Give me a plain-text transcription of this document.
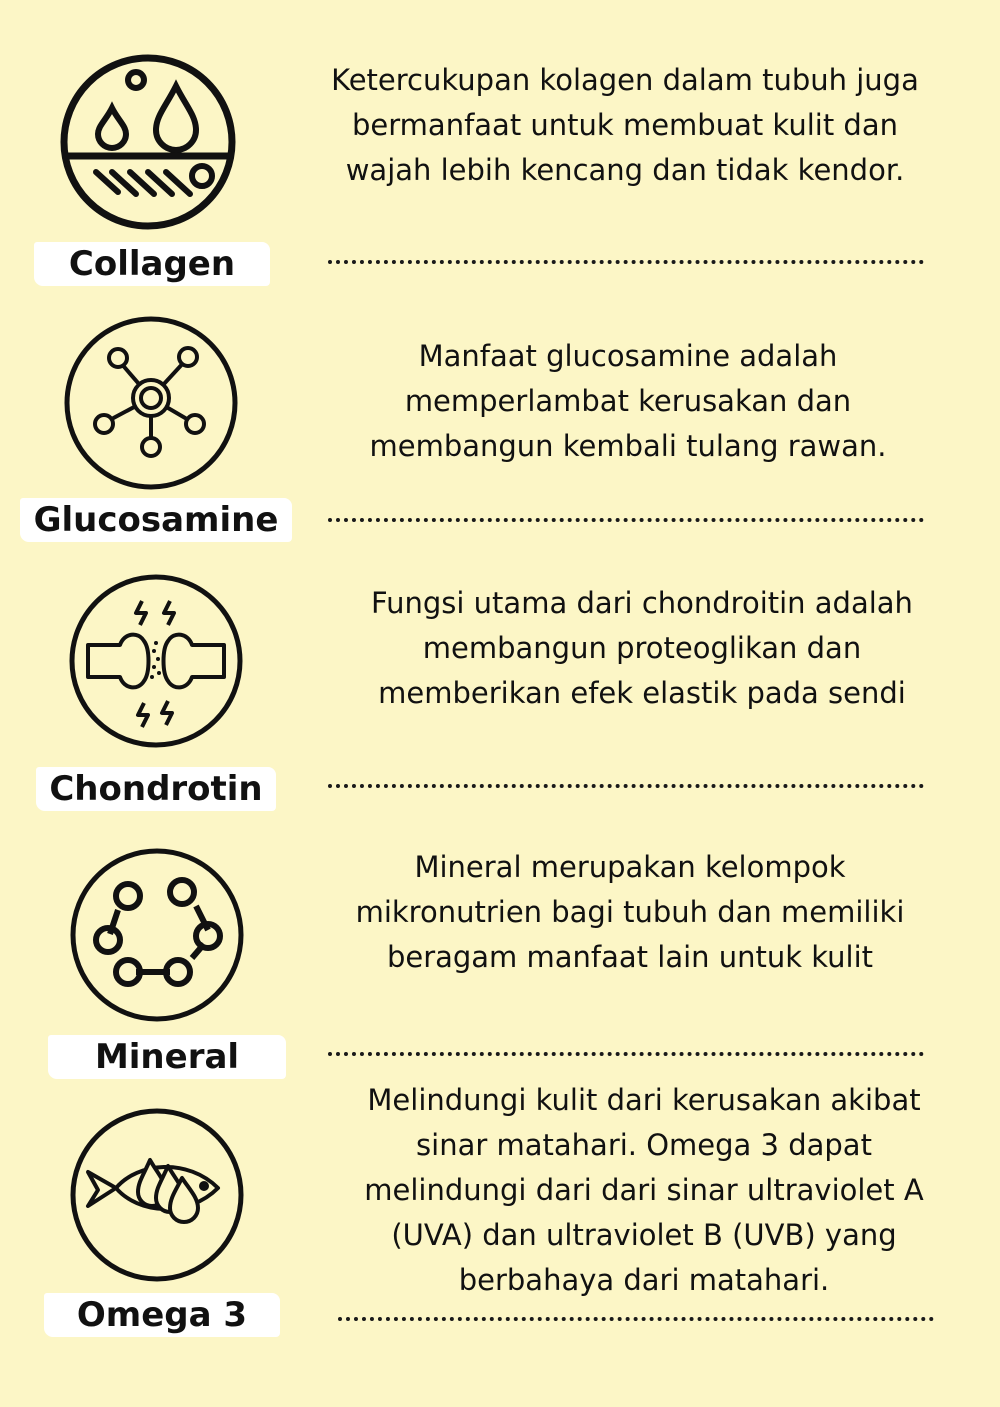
Collagen
Ketercukupan kolagen dalam tubuh juga bermanfaat untuk membuat kulit dan wajah lebih kencang dan tidak kendor.
Glucosamine
Manfaat glucosamine adalah memperlambat kerusakan dan membangun kembali tulang rawan.
Chondrotin
Fungsi utama dari chondroitin adalah membangun proteoglikan dan memberikan efek elastik pada sendi
Mineral
Mineral merupakan kelompok mikronutrien bagi tubuh dan memiliki beragam manfaat lain untuk kulit
Omega 3
Melindungi kulit dari kerusakan akibat sinar matahari. Omega 3 dapat melindungi dari dari sinar ultraviolet A (UVA) dan ultraviolet B (UVB) yang berbahaya dari matahari.
